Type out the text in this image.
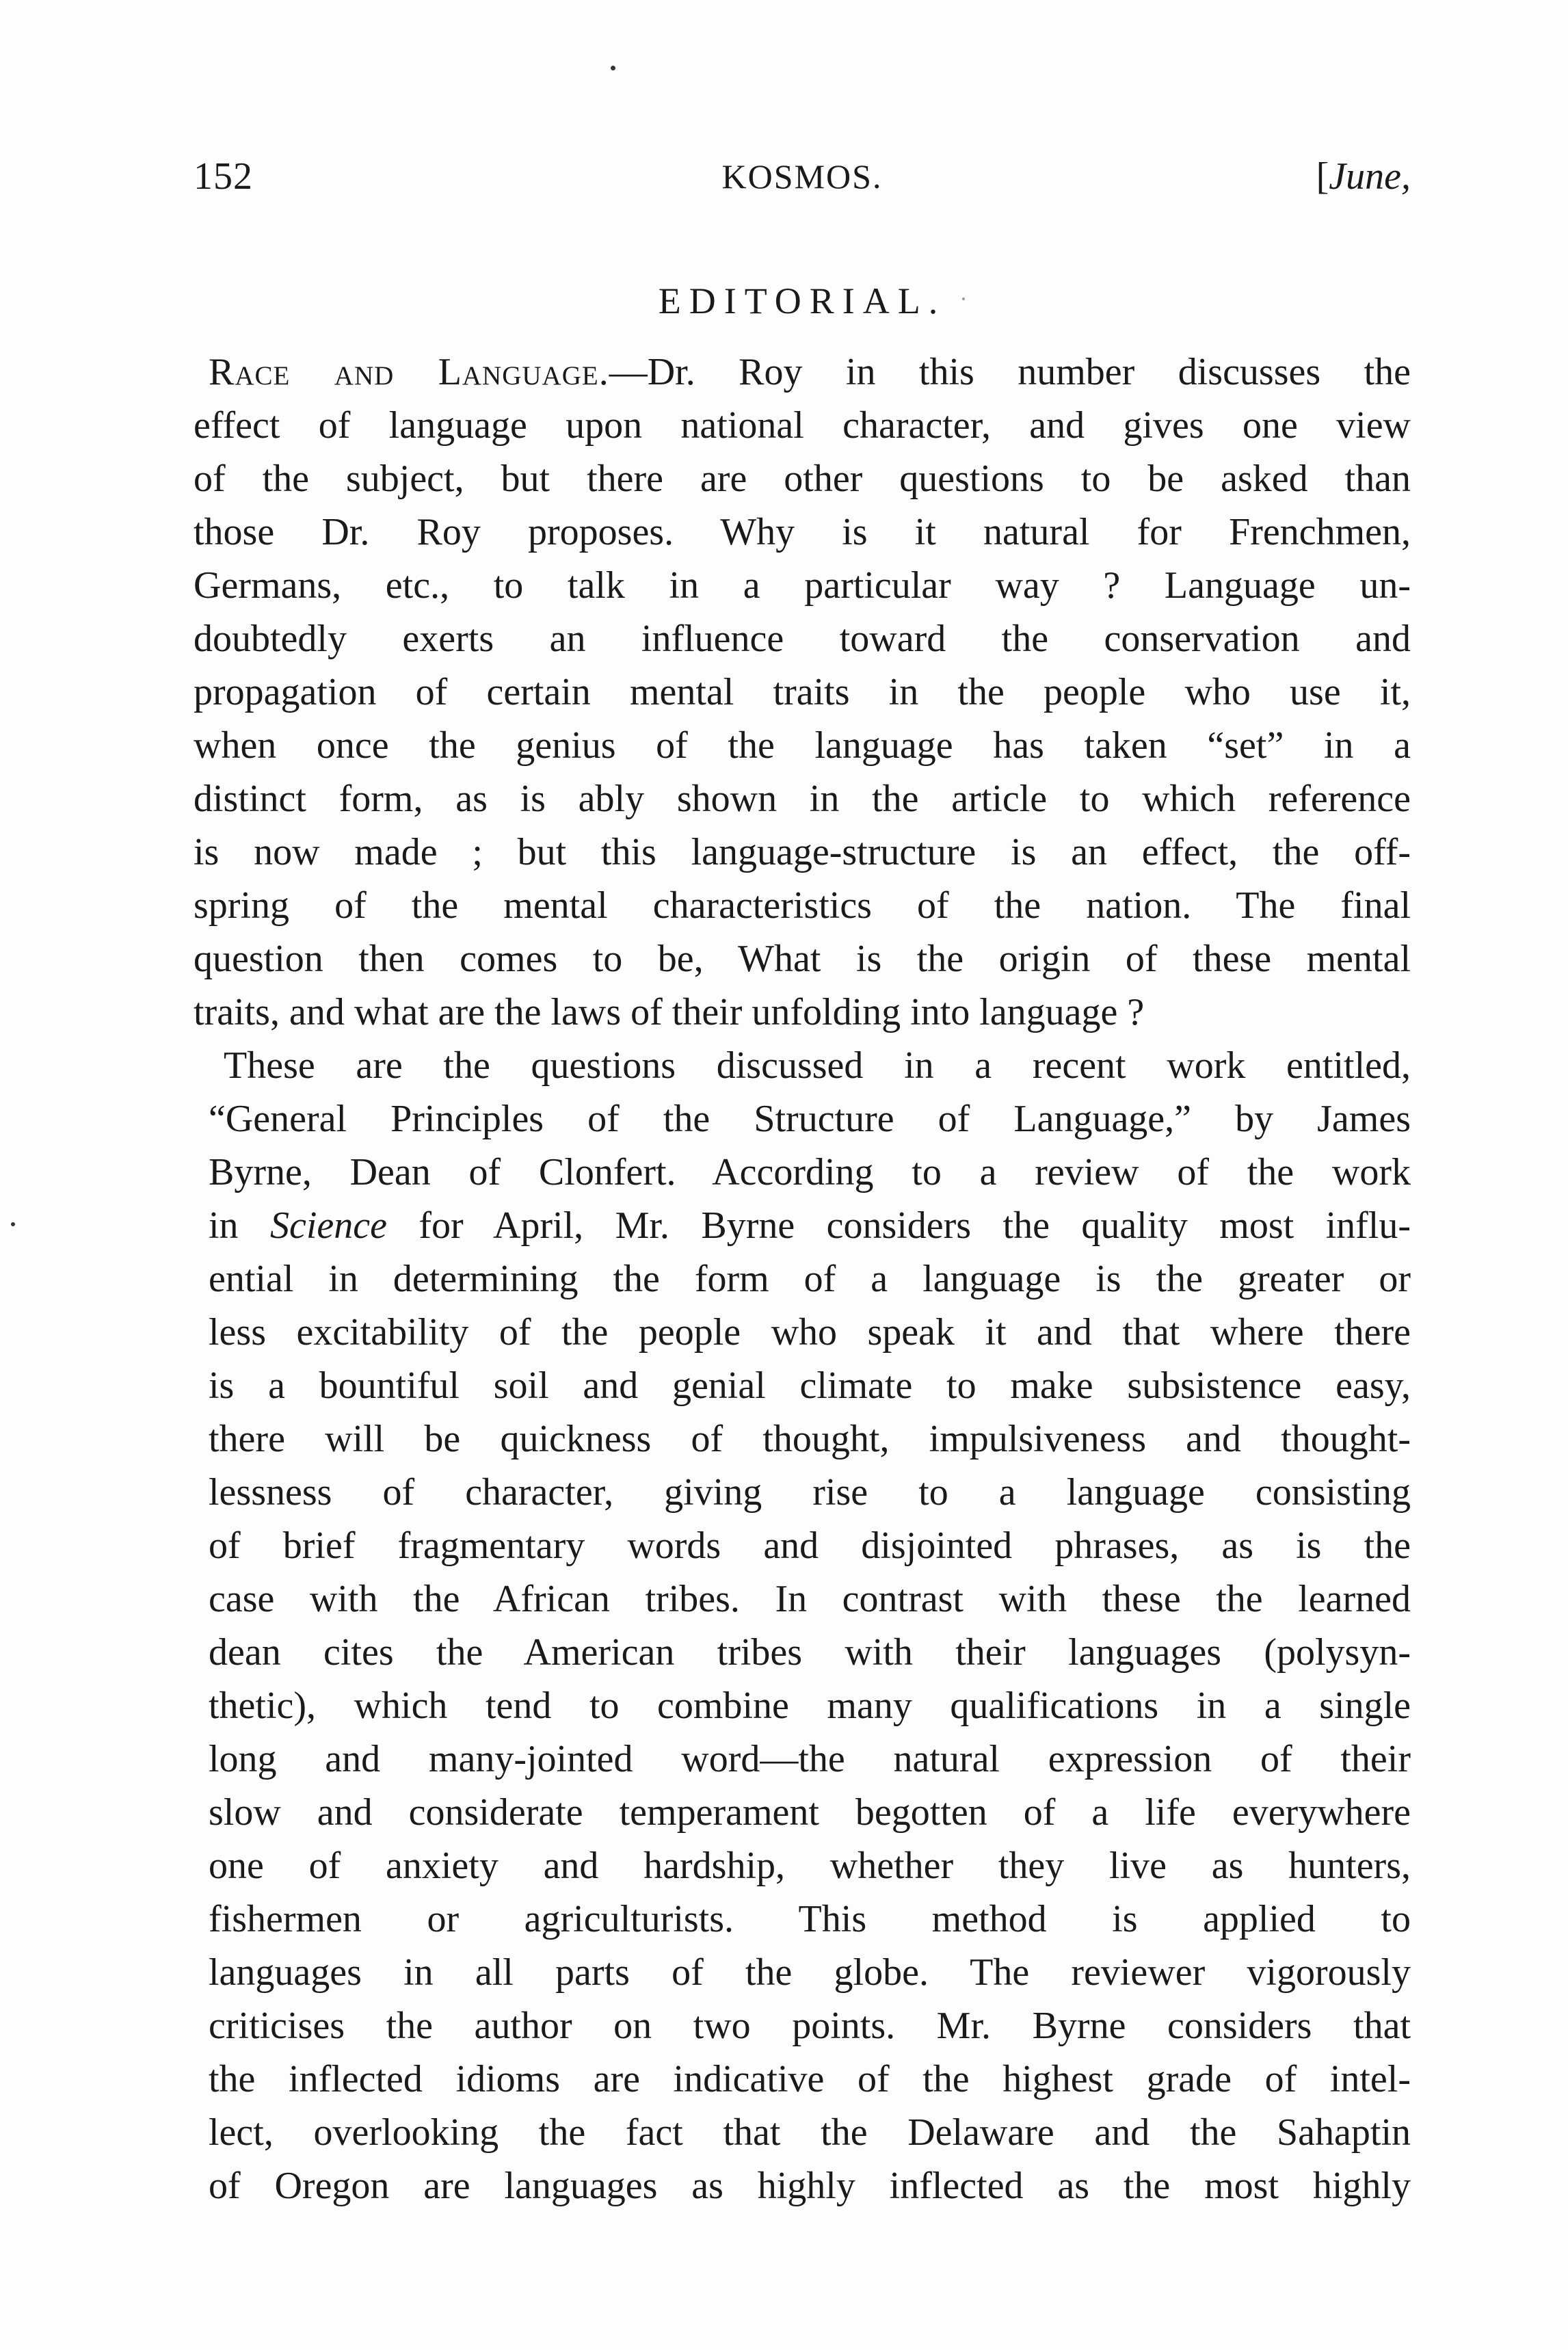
152	KOSMOS.	[June,
EDITORIAL.
Race and Language.—Dr. Roy in this number discusses the
effect of language upon national character, and gives one view
of the subject, but there are other questions to be asked than
those Dr. Roy proposes. Why is it natural for Frenchmen,
Germans, etc., to talk in a particular way ? Language un-
doubtedly exerts an influence toward the conservation and
propagation of certain mental traits in the people who use it,
when once the genius of the language has taken “set” in a
distinct form, as is ably shown in the article to which reference
is now made ; but this language-structure is an effect, the off-
spring of the mental characteristics of the nation. The final
question then comes to be, What is the origin of these mental
traits, and what are the laws of their unfolding into language ?
These are the questions discussed in a recent work entitled,
“General Principles of the Structure of Language,” by James
Byrne, Dean of Clonfert. According to a review of the work
in Science for April, Mr. Byrne considers the quality most influ-
ential in determining the form of a language is the greater or
less excitability of the people who speak it and that where there
is a bountiful soil and genial climate to make subsistence easy,
there will be quickness of thought, impulsiveness and thought-
lessness of character, giving rise to a language consisting
of brief fragmentary words and disjointed phrases, as is the
case with the African tribes. In contrast with these the learned
dean cites the American tribes with their languages (polysyn-
thetic), which tend to combine many qualifications in a single
long and many-jointed word—the natural expression of their
slow and considerate temperament begotten of a life everywhere
one of anxiety and hardship, whether they live as hunters,
fishermen or agriculturists. This method is applied to
languages in all parts of the globe. The reviewer vigorously
criticises the author on two points. Mr. Byrne considers that
the inflected idioms are indicative of the highest grade of intel-
lect, overlooking the fact that the Delaware and the Sahaptin
of Oregon are languages as highly inflected as the most highly
